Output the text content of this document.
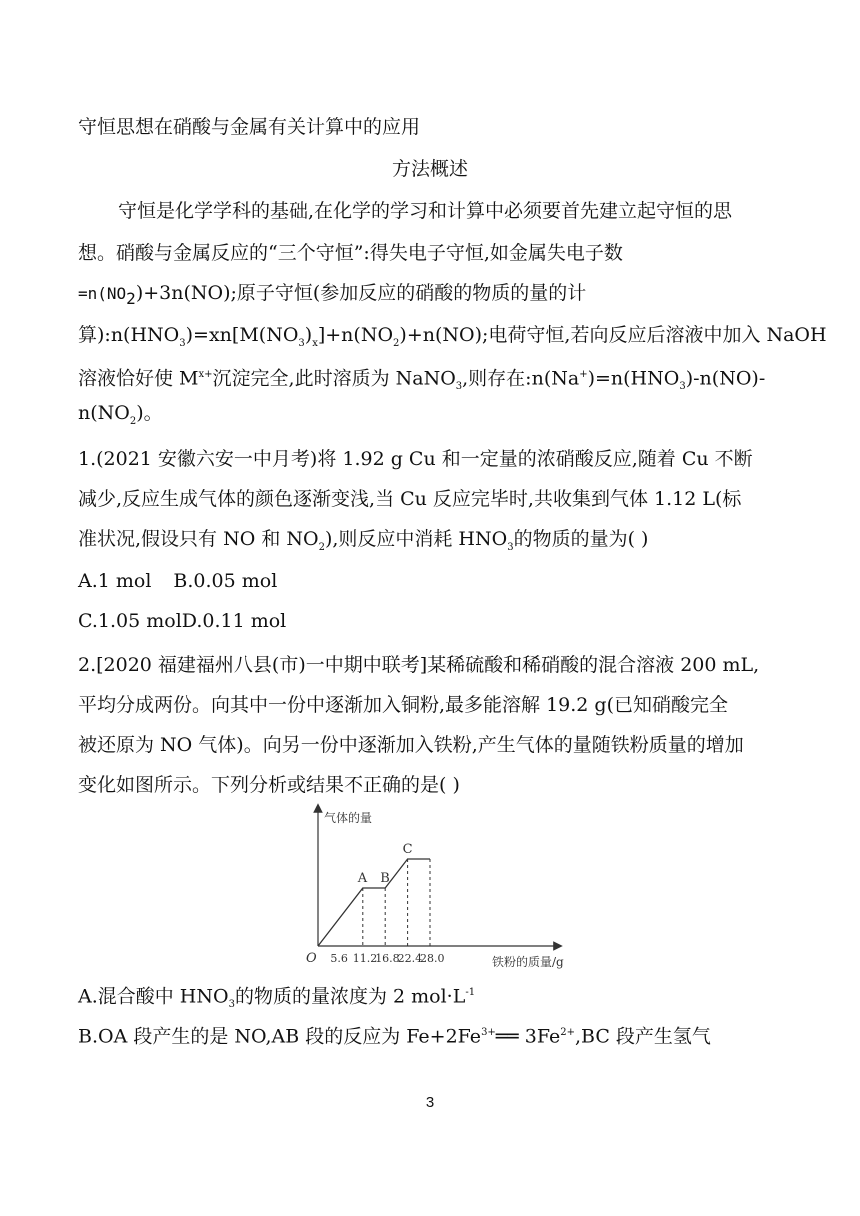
守恒思想在硝酸与金属有关计算中的应用
方法概述
守恒是化学学科的基础,在化学的学习和计算中必须要首先建立起守恒的思
想。硝酸与金属反应的“三个守恒”:得失电子守恒,如金属失电子数
$=n(NO_2)+3n(NO)$;原子守恒(参加反应的硝酸的物质的量的计
算)$:n(HNO_3)=xn[M(NO_3)_x]+n(NO_2)+n(NO)$;电荷守恒,若向反应后溶液中加入 NaOH
溶液恰好使 $M^{x+}$沉淀完全,此时溶质为 NaNO$_3$,则存在$:n(Na^+)=n(HNO_3)-n(NO)-$
$n(NO_2)$。
1.(2021 安徽六安一中月考)将 1.92 g Cu 和一定量的浓硝酸反应,随着 Cu 不断
减少,反应生成气体的颜色逐渐变浅,当 Cu 反应完毕时,共收集到气体 1.12 L(标
准状况,假设只有 NO 和 $NO_2$),则反应中消耗 $HNO_3$的物质的量为( )
A.1 mol B.0.05 mol
C.1.05 molD.0.11 mol
2.[2020 福建福州八县(市)一中期中联考]某稀硫酸和稀硝酸的混合溶液 200 mL,
平均分成两份。向其中一份中逐渐加入铜粉,最多能溶解 19.2 g(已知硝酸完全
被还原为 NO 气体)。向另一份中逐渐加入铁粉,产生气体的量随铁粉质量的增加
变化如图所示。下列分析或结果不正确的是( )
气体的量
铁粉的质量/g
O
A B
C
5.6 11.2
16.8
22.4
28.0
A.混合酸中 $HNO_3$的物质的量浓度为 2 $mol\cdot L^{-1}$
B.OA 段产生的是 NO,AB 段的反应为 $Fe+2Fe^{3+}══$ $3Fe^{2+},BC$ 段产生氢气
3
